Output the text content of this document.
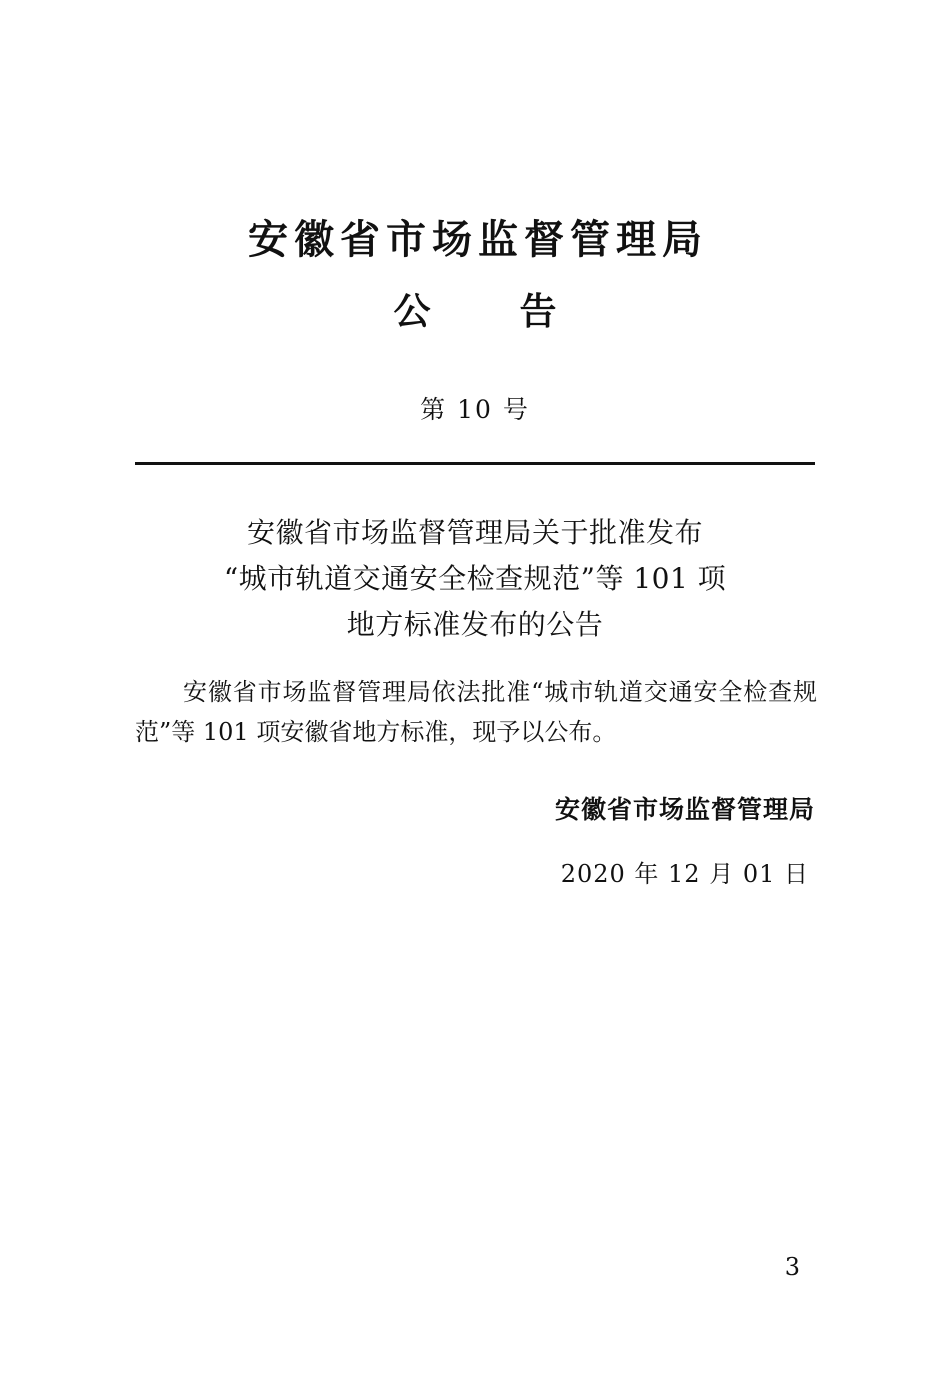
安徽省市场监督管理局
公　告
第 10 号
安徽省市场监督管理局关于批准发布
“城市轨道交通安全检查规范”等 101 项
地方标准发布的公告
安徽省市场监督管理局依法批准“城市轨道交通安全检查规范”等 101 项安徽省地方标准，现予以公布。
安徽省市场监督管理局
2020 年 12 月 01 日
3
